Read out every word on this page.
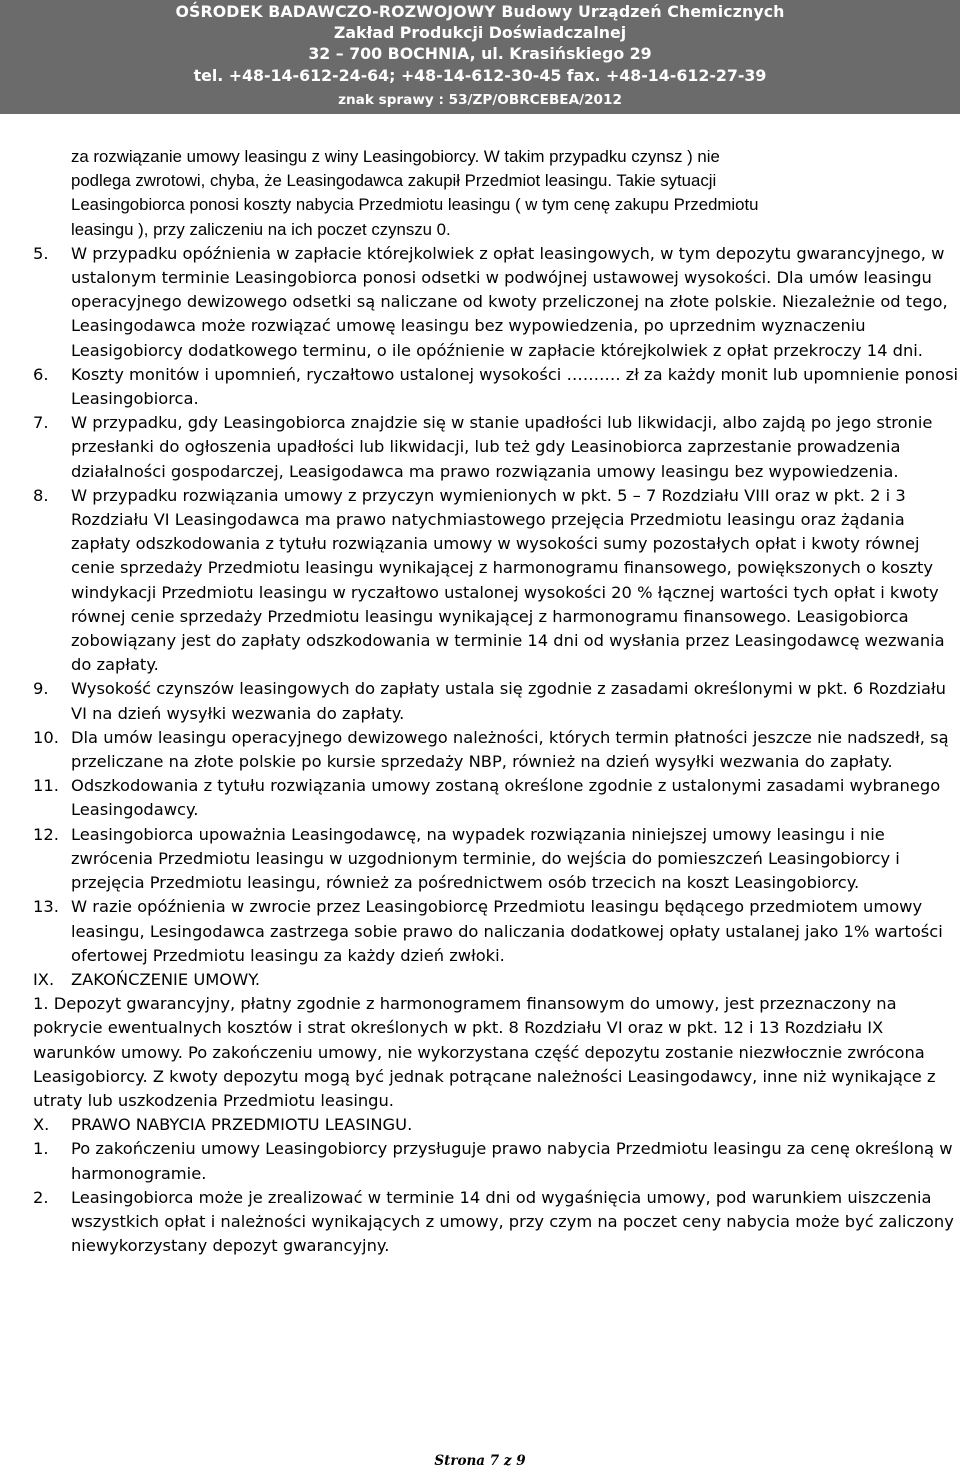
OŚRODEK BADAWCZO-ROZWOJOWY Budowy Urządzeń Chemicznych
Zakład Produkcji Doświadczalnej
32 – 700 BOCHNIA, ul. Krasińskiego 29
tel. +48-14-612-24-64; +48-14-612-30-45 fax. +48-14-612-27-39
znak sprawy : 53/ZP/OBRCEBEA/2012
za rozwiązanie umowy leasingu z winy Leasingobiorcy. W takim przypadku czynsz ) nie
podlega zwrotowi, chyba, że Leasingodawca zakupił Przedmiot leasingu. Takie sytuacji
Leasingobiorca ponosi koszty nabycia Przedmiotu leasingu ( w tym cenę zakupu Przedmiotu
leasingu ), przy zaliczeniu na ich poczet czynszu 0.
5. W przypadku opóźnienia w zapłacie którejkolwiek z opłat leasingowych, w tym depozytu gwarancyjnego, w ustalonym terminie Leasingobiorca ponosi odsetki w podwójnej ustawowej wysokości. Dla umów leasingu operacyjnego dewizowego odsetki są naliczane od kwoty przeliczonej na złote polskie. Niezależnie od tego, Leasingodawca może rozwiązać umowę leasingu bez wypowiedzenia, po uprzednim wyznaczeniu Leasigobiorcy dodatkowego terminu, o ile opóźnienie w zapłacie którejkolwiek z opłat przekroczy 14 dni.

6. Koszty monitów i upomnień, ryczałtowo ustalonej wysokości ………. zł za każdy monit lub upomnienie ponosi Leasingobiorca.

7. W przypadku, gdy Leasingobiorca znajdzie się w stanie upadłości lub likwidacji, albo zajdą po jego stronie przesłanki do ogłoszenia upadłości lub likwidacji, lub też gdy Leasinobiorca zaprzestanie prowadzenia działalności gospodarczej, Leasigodawca ma prawo rozwiązania umowy leasingu bez wypowiedzenia.

8. W przypadku rozwiązania umowy z przyczyn wymienionych w pkt. 5 – 7 Rozdziału VIII oraz w pkt. 2 i 3 Rozdziału VI Leasingodawca ma prawo natychmiastowego przejęcia Przedmiotu leasingu oraz żądania zapłaty odszkodowania z tytułu rozwiązania umowy w wysokości sumy pozostałych opłat i kwoty równej cenie sprzedaży Przedmiotu leasingu wynikającej z harmonogramu finansowego, powiększonych o koszty windykacji Przedmiotu leasingu w ryczałtowo ustalonej wysokości 20 % łącznej wartości tych opłat i kwoty równej cenie sprzedaży Przedmiotu leasingu wynikającej z harmonogramu finansowego. Leasigobiorca zobowiązany jest do zapłaty odszkodowania w terminie 14 dni od wysłania przez Leasingodawcę wezwania do zapłaty.

9. Wysokość czynszów leasingowych do zapłaty ustala się zgodnie z zasadami określonymi w pkt. 6 Rozdziału VI na dzień wysyłki wezwania do zapłaty.

10. Dla umów leasingu operacyjnego dewizowego należności, których termin płatności jeszcze nie nadszedł, są przeliczane na złote polskie po kursie sprzedaży NBP, również na dzień wysyłki wezwania do zapłaty.

11. Odszkodowania z tytułu rozwiązania umowy zostaną określone zgodnie z ustalonymi zasadami wybranego Leasingodawcy.

12. Leasingobiorca upoważnia Leasingodawcę, na wypadek rozwiązania niniejszej umowy leasingu i nie zwrócenia Przedmiotu leasingu w uzgodnionym terminie, do wejścia do pomieszczeń Leasingobiorcy i przejęcia Przedmiotu leasingu, również za pośrednictwem osób trzecich na koszt Leasingobiorcy.

13. W razie opóźnienia w zwrocie przez Leasingobiorcę Przedmiotu leasingu będącego przedmiotem umowy leasingu, Lesingodawca zastrzega sobie prawo do naliczania dodatkowej opłaty ustalanej jako 1% wartości ofertowej Przedmiotu leasingu za każdy dzień zwłoki.

IX. ZAKOŃCZENIE UMOWY.

1. Depozyt gwarancyjny, płatny zgodnie z harmonogramem finansowym do umowy, jest przeznaczony na pokrycie ewentualnych kosztów i strat określonych w pkt. 8 Rozdziału VI oraz w pkt. 12 i 13 Rozdziału IX warunków umowy. Po zakończeniu umowy, nie wykorzystana część depozytu zostanie niezwłocznie zwrócona Leasigobiorcy. Z kwoty depozytu mogą być jednak potrącane należności Leasingodawcy, inne niż wynikające z utraty lub uszkodzenia Przedmiotu leasingu.

X. PRAWO NABYCIA PRZEDMIOTU LEASINGU.
1. Po zakończeniu umowy Leasingobiorcy przysługuje prawo nabycia Przedmiotu leasingu za cenę określoną w harmonogramie.

2. Leasingobiorca może je zrealizować w terminie 14 dni od wygaśnięcia umowy, pod warunkiem uiszczenia wszystkich opłat i należności wynikających z umowy, przy czym na poczet ceny nabycia może być zaliczony niewykorzystany depozyt gwarancyjny.

Strona 7 z 9
